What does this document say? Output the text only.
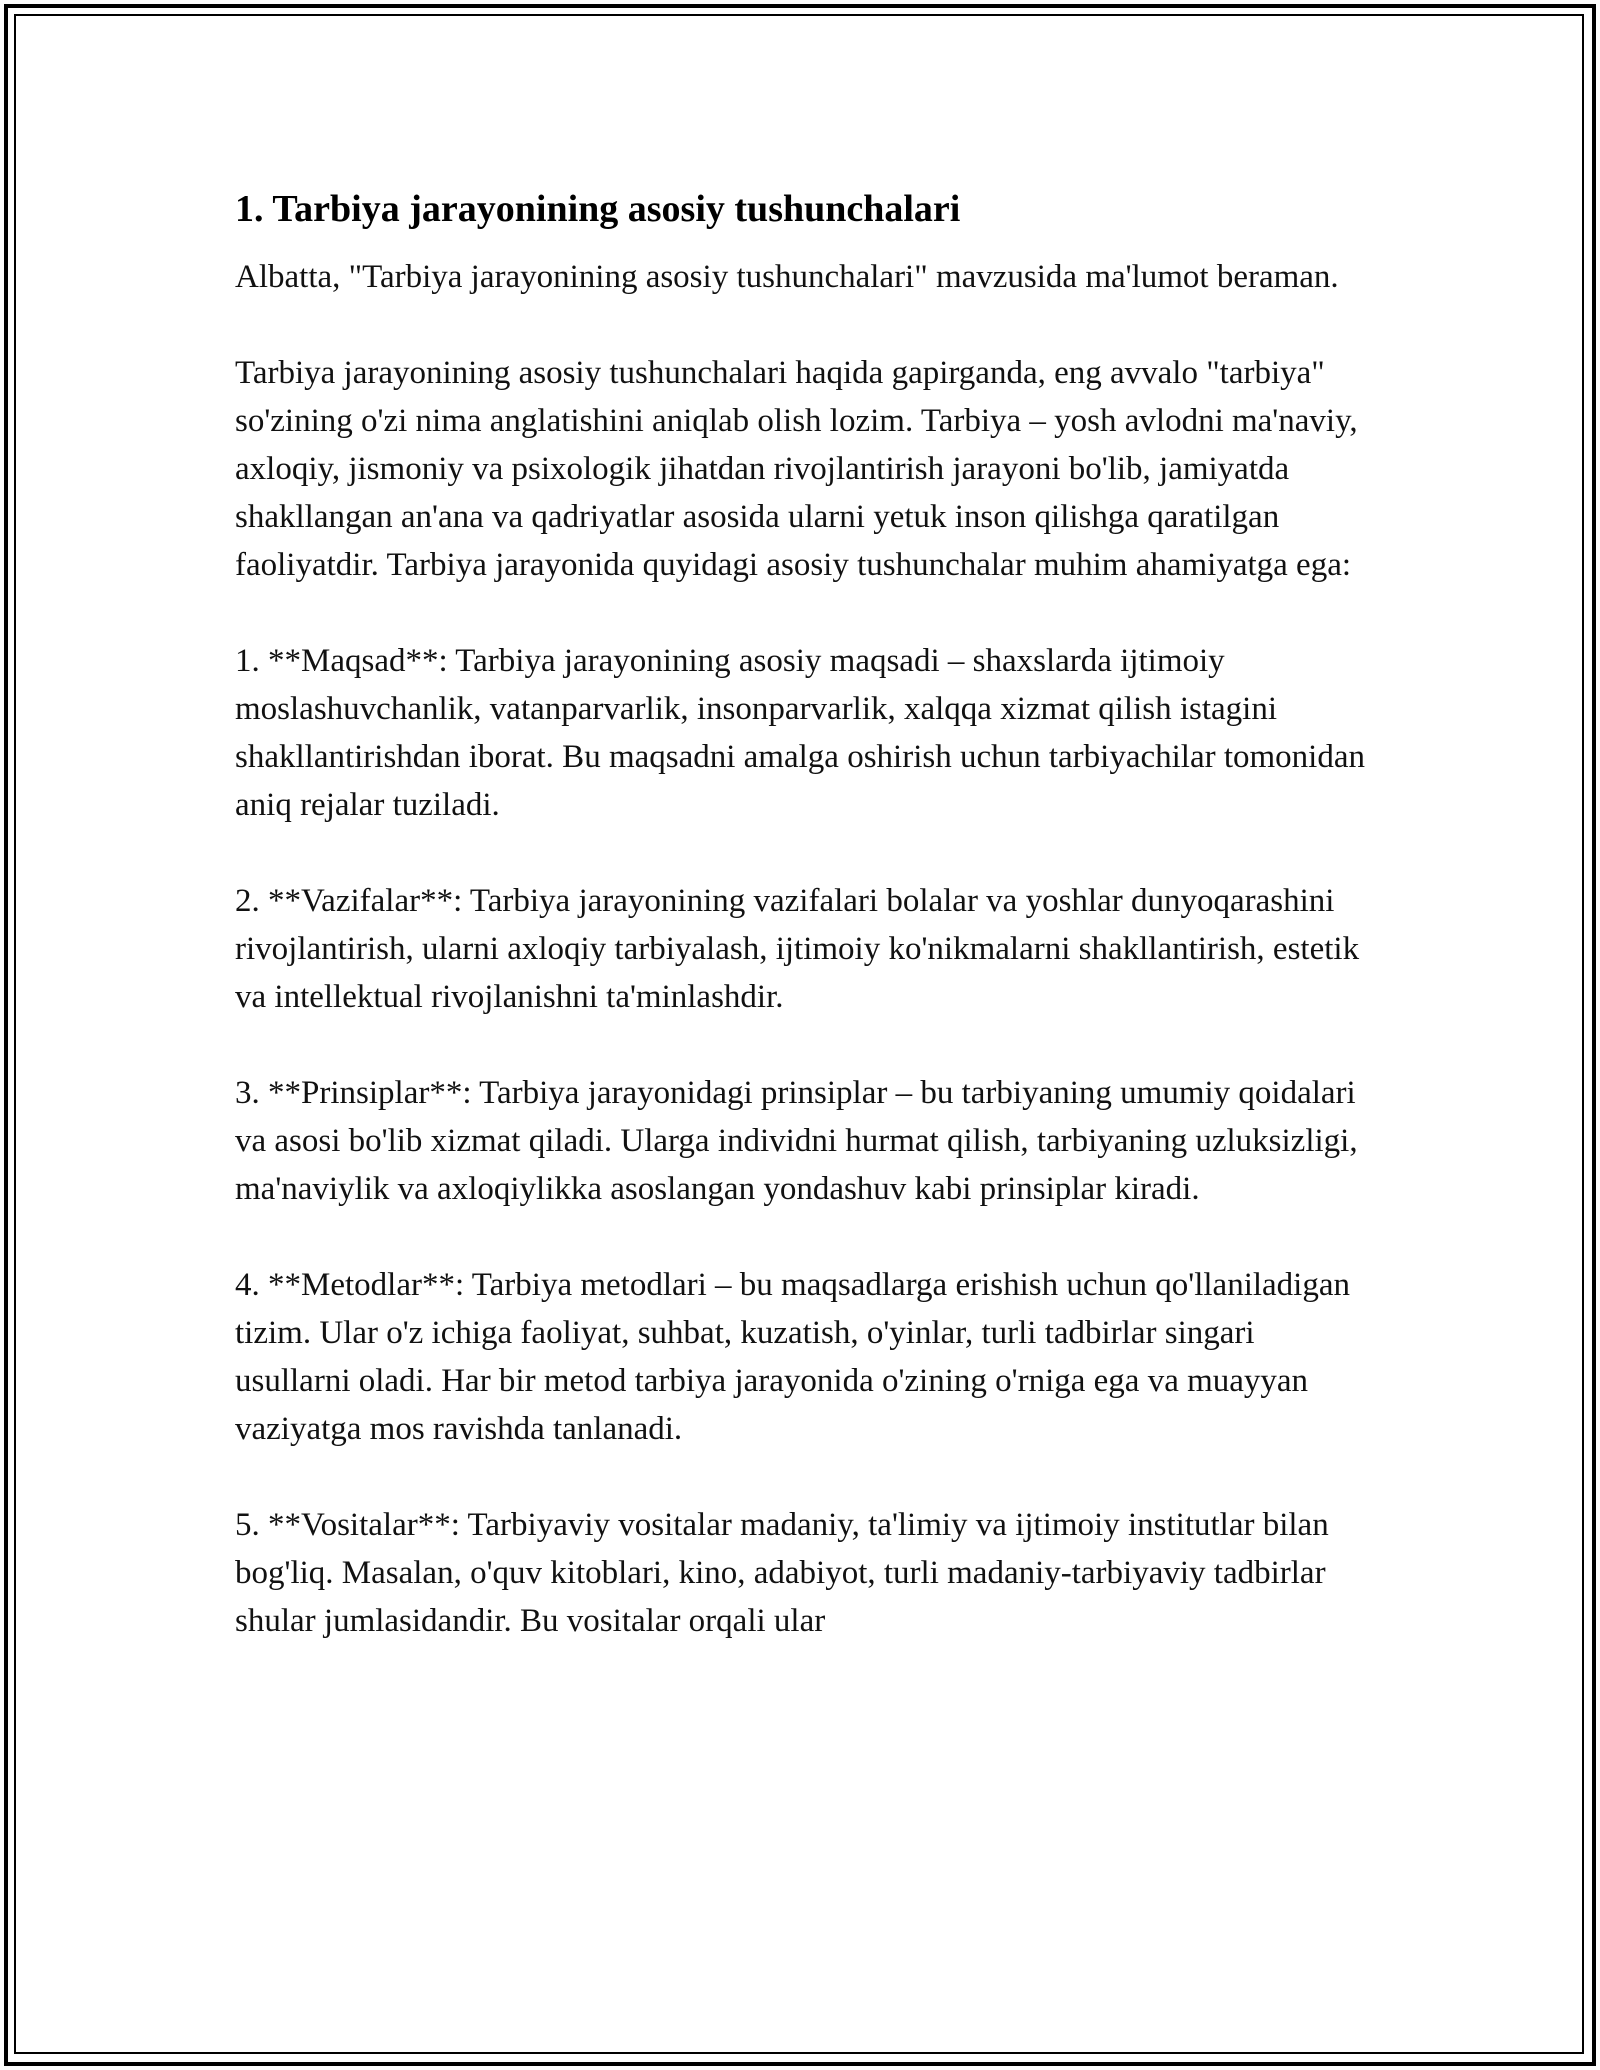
1. Tarbiya jarayonining asosiy tushunchalari

Albatta, "Tarbiya jarayonining asosiy tushunchalari" mavzusida ma'lumot beraman.

Tarbiya jarayonining asosiy tushunchalari haqida gapirganda, eng avvalo "tarbiya" so'zining o'zi nima anglatishini aniqlab olish lozim. Tarbiya – yosh avlodni ma'naviy, axloqiy, jismoniy va psixologik jihatdan rivojlantirish jarayoni bo'lib, jamiyatda shakllangan an'ana va qadriyatlar asosida ularni yetuk inson qilishga qaratilgan faoliyatdir. Tarbiya jarayonida quyidagi asosiy tushunchalar muhim ahamiyatga ega:

1. **Maqsad**: Tarbiya jarayonining asosiy maqsadi – shaxslarda ijtimoiy moslashuvchanlik, vatanparvarlik, insonparvarlik, xalqqa xizmat qilish istagini shakllantirishdan iborat. Bu maqsadni amalga oshirish uchun tarbiyachilar tomonidan aniq rejalar tuziladi.

2. **Vazifalar**: Tarbiya jarayonining vazifalari bolalar va yoshlar dunyoqarashini rivojlantirish, ularni axloqiy tarbiyalash, ijtimoiy ko'nikmalarni shakllantirish, estetik va intellektual rivojlanishni ta'minlashdir.

3. **Prinsiplar**: Tarbiya jarayonidagi prinsiplar – bu tarbiyaning umumiy qoidalari va asosi bo'lib xizmat qiladi. Ularga individni hurmat qilish, tarbiyaning uzluksizligi, ma'naviylik va axloqiylikka asoslangan yondashuv kabi prinsiplar kiradi.

4. **Metodlar**: Tarbiya metodlari – bu maqsadlarga erishish uchun qo'llaniladigan tizim. Ular o'z ichiga faoliyat, suhbat, kuzatish, o'yinlar, turli tadbirlar singari usullarni oladi. Har bir metod tarbiya jarayonida o'zining o'rniga ega va muayyan vaziyatga mos ravishda tanlanadi.

5. **Vositalar**: Tarbiyaviy vositalar madaniy, ta'limiy va ijtimoiy institutlar bilan bog'liq. Masalan, o'quv kitoblari, kino, adabiyot, turli madaniy-tarbiyaviy tadbirlar shular jumlasidandir. Bu vositalar orqali ular
